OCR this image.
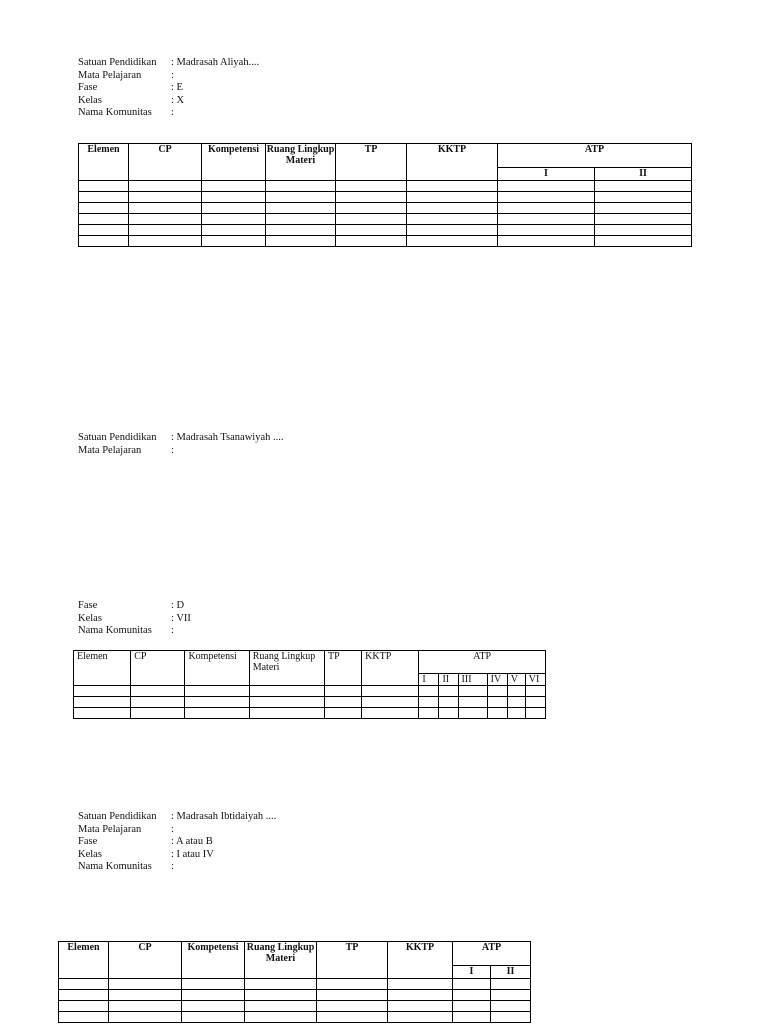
Satuan Pendidikan	: Madrasah Aliyah....
Mata Pelajaran	:
Fase	: E
Kelas	: X
Nama Komunitas	:
Elemen	CP	Kompetensi	Ruang Lingkup Materi	TP	KKTP	ATP	
						I	II

Satuan Pendidikan	: Madrasah Tsanawiyah ....
Mata Pelajaran	:
Fase	: D
Kelas	: VII
Nama Komunitas	:
Elemen	CP	Kompetensi	Ruang Lingkup Materi	TP	KKTP	ATP					
						I	II	III	IV	V	VI

Satuan Pendidikan	: Madrasah Ibtidaiyah ....
Mata Pelajaran	:
Fase	: A atau B
Kelas	: I atau IV
Nama Komunitas	:
Elemen	CP	Kompetensi	Ruang Lingkup Materi	TP	KKTP	ATP	
						I	II
